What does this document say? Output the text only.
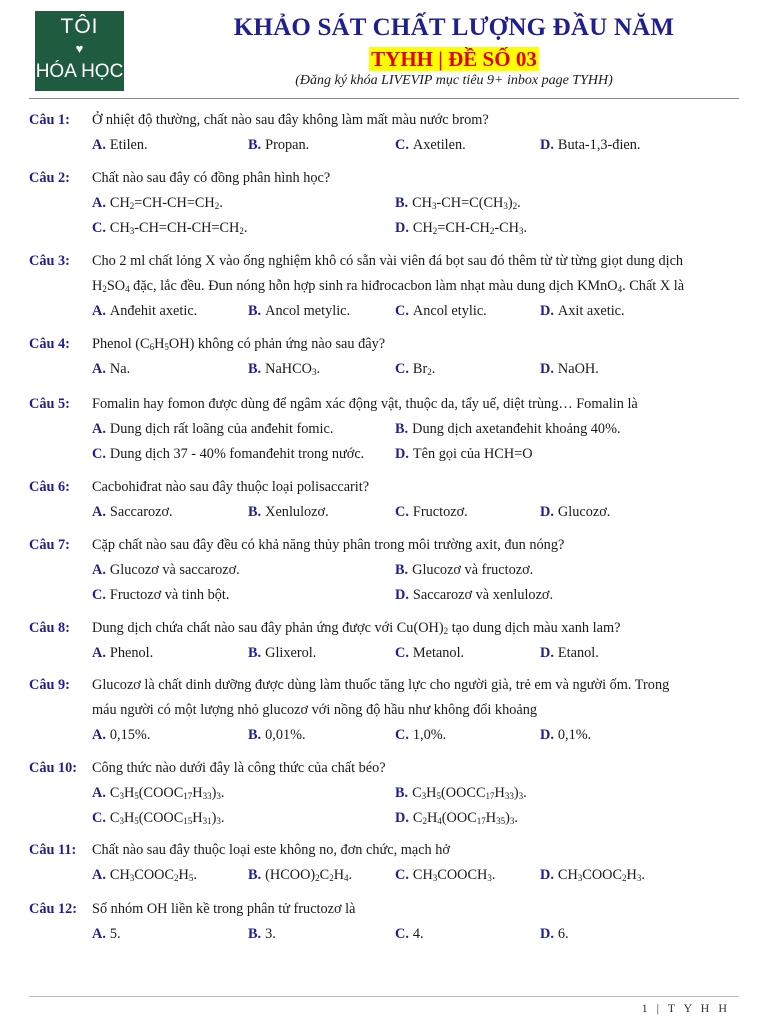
TÔI
♥
HÓA HỌC
KHẢO SÁT CHẤT LƯỢNG ĐẦU NĂM
TYHH | ĐỀ SỐ 03
(Đăng ký khóa LIVEVIP mục tiêu 9+ inbox page TYHH)
Câu 1: Ở nhiệt độ thường, chất nào sau đây không làm mất màu nước brom?
A. Etilen.	B. Propan.	C. Axetilen.	D. Buta-1,3-đien.
Câu 2: Chất nào sau đây có đồng phân hình học?
A. $CH_2=CH-CH=CH_2$.	B. $CH_3-CH=C(CH_3)_2$.
C. $CH_3-CH=CH-CH=CH_2$.	D. $CH_2=CH-CH_2-CH_3$.
Câu 3: Cho 2 ml chất lỏng X vào ống nghiệm khô có sẵn vài viên đá bọt sau đó thêm từ từ từng giọt dung dịch
$H_2SO_4$ đặc, lắc đều. Đun nóng hỗn hợp sinh ra hiđrocacbon làm nhạt màu dung dịch KMnO$_4$. Chất X là
A. Anđehit axetic.	B. Ancol metylic.	C. Ancol etylic.	D. Axit axetic.
Câu 4: Phenol $(C_6H_5OH)$ không có phản ứng nào sau đây?
A. Na.	B. NaHCO$_3$.	C. $Br_2$.	D. NaOH.
Câu 5: Fomalin hay fomon được dùng để ngâm xác động vật, thuộc da, tẩy uế, diệt trùng… Fomalin là
A. Dung dịch rất loãng của anđehit fomic.	B. Dung dịch axetanđehit khoảng 40%.
C. Dung dịch 37 - 40% fomanđehit trong nước. D. Tên gọi của HCH=O
Câu 6: Cacbohiđrat nào sau đây thuộc loại polisaccarit?
A. Saccarozơ.	B. Xenlulozơ.	C. Fructozơ.	D. Glucozơ.
Câu 7: Cặp chất nào sau đây đều có khả năng thủy phân trong môi trường axit, đun nóng?
A. Glucozơ và saccarozơ.	B. Glucozơ và fructozơ.
C. Fructozơ và tinh bột.	D. Saccarozơ và xenlulozơ.
Câu 8: Dung dịch chứa chất nào sau đây phản ứng được với $Cu(OH)_2$ tạo dung dịch màu xanh lam?
A. Phenol.	B. Glixerol.	C. Metanol.	D. Etanol.
Câu 9: Glucozơ là chất dinh dưỡng được dùng làm thuốc tăng lực cho người già, trẻ em và người ốm. Trong
máu người có một lượng nhỏ glucozơ với nồng độ hầu như không đổi khoảng
A. 0,15%.	B. 0,01%.	C. 1,0%.	D. 0,1%.
Câu 10: Công thức nào dưới đây là công thức của chất béo?
A. $C_3H_5(COOC_{17}H_{33})_3$.	B. $C_3H_5(OOCC_{17}H_{33})_3$.
C. $C_3H_5(COOC_{15}H_{31})_3$.	D. $C_2H_4(OOC_{17}H_{35})_3$.
Câu 11: Chất nào sau đây thuộc loại este không no, đơn chức, mạch hở
A. $CH_3COOC_2H_5$.	B. $(HCOO)_2C_2H_4$.	C. $CH_3COOCH_3$.	D. $CH_3COOC_2H_3$.
Câu 12: Số nhóm OH liền kề trong phân tử fructozơ là
A. 5.	B. 3.	C. 4.	D. 6.
1 | T Y H H
